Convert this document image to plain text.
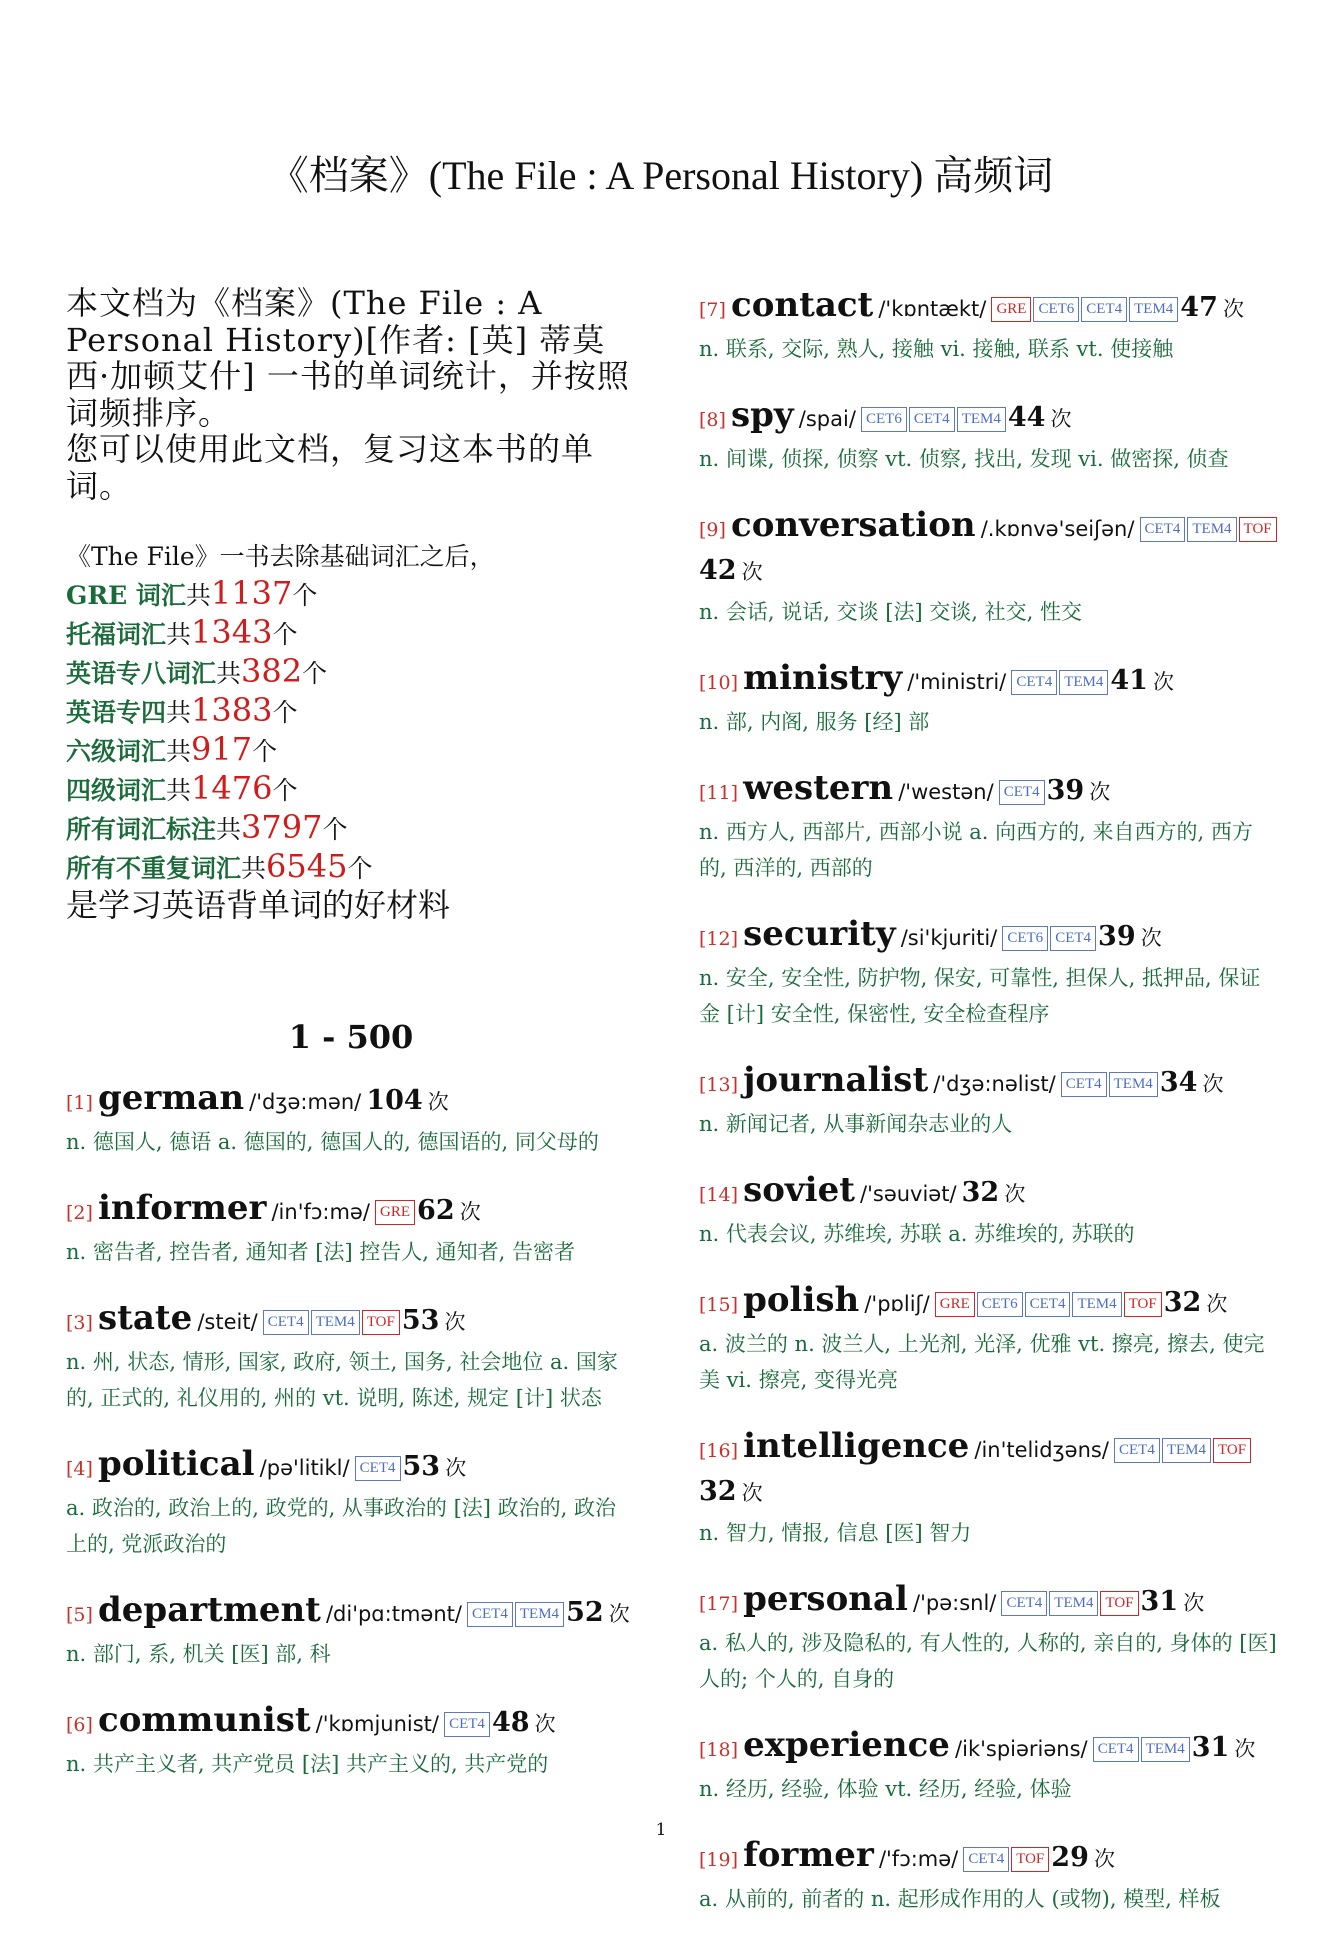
《档案》(The File : A Personal History) 高频词

本文档为《档案》(The File : A Personal History)[作者: [英] 蒂莫西·加顿艾什] 一书的单词统计，并按照词频排序。

您可以使用此文档，复习这本书的单词。

《The File》一书去除基础词汇之后，
GRE 词汇共1137个
托福词汇共1343个
英语专八词汇共382个
英语专四共1383个
六级词汇共917个
四级词汇共1476个
所有词汇标注共3797个
所有不重复词汇共6545个
是学习英语背单词的好材料
1 - 500
[1] german /'dʒə:mən/ 104 次
n. 德国人, 德语 a. 德国的, 德国人的, 德国语的, 同父母的
[2] informer /in'fɔ:mə/ GRE 62 次
n. 密告者, 控告者, 通知者 [法] 控告人, 通知者, 告密者
[3] state /steit/ CET4 TEM4 TOF 53 次
n. 州, 状态, 情形, 国家, 政府, 领土, 国务, 社会地位 a. 国家的, 正式的, 礼仪用的, 州的 vt. 说明, 陈述, 规定 [计] 状态
[4] political /pə'litikl/ CET4 53 次
a. 政治的, 政治上的, 政党的, 从事政治的 [法] 政治的, 政治上的, 党派政治的
[5] department /di'pɑ:tmənt/ CET4 TEM4 52 次
n. 部门, 系, 机关 [医] 部, 科
[6] communist /'kɒmjunist/ CET4 48 次
n. 共产主义者, 共产党员 [法] 共产主义的, 共产党的
[7] contact /'kɒntækt/ GRE CET6 CET4 TEM4 47 次
n. 联系, 交际, 熟人, 接触 vi. 接触, 联系 vt. 使接触
[8] spy /spai/ CET6 CET4 TEM4 44 次
n. 间谍, 侦探, 侦察 vt. 侦察, 找出, 发现 vi. 做密探, 侦查
[9] conversation /.kɒnvə'seiʃən/ CET4 TEM4 TOF42 次
n. 会话, 说话, 交谈 [法] 交谈, 社交, 性交
[10] ministry /'ministri/ CET4 TEM4 41 次
n. 部, 内阁, 服务 [经] 部
[11] western /'westən/ CET4 39 次
n. 西方人, 西部片, 西部小说 a. 向西方的, 来自西方的, 西方的, 西洋的, 西部的
[12] security /si'kjuriti/ CET6 CET4 39 次
n. 安全, 安全性, 防护物, 保安, 可靠性, 担保人, 抵押品, 保证金 [计] 安全性, 保密性, 安全检查程序
[13] journalist /'dʒə:nəlist/ CET4 TEM4 34 次
n. 新闻记者, 从事新闻杂志业的人
[14] soviet /'səuviət/ 32 次
n. 代表会议, 苏维埃, 苏联 a. 苏维埃的, 苏联的
[15] polish /'pɒliʃ/ GRE CET6 CET4 TEM4 TOF 32 次
a. 波兰的 n. 波兰人, 上光剂, 光泽, 优雅 vt. 擦亮, 擦去, 使完美 vi. 擦亮, 变得光亮
[16] intelligence /in'telidʒəns/ CET4 TEM4 TOF32 次
n. 智力, 情报, 信息 [医] 智力
[17] personal /'pə:snl/ CET4 TEM4 TOF 31 次
a. 私人的, 涉及隐私的, 有人性的, 人称的, 亲自的, 身体的 [医] 人的; 个人的, 自身的
[18] experience /ik'spiəriəns/ CET4 TEM4 31 次
n. 经历, 经验, 体验 vt. 经历, 经验, 体验
[19] former /'fɔ:mə/ CET4 TOF 29 次
a. 从前的, 前者的 n. 起形成作用的人 (或物), 模型, 样板
1
